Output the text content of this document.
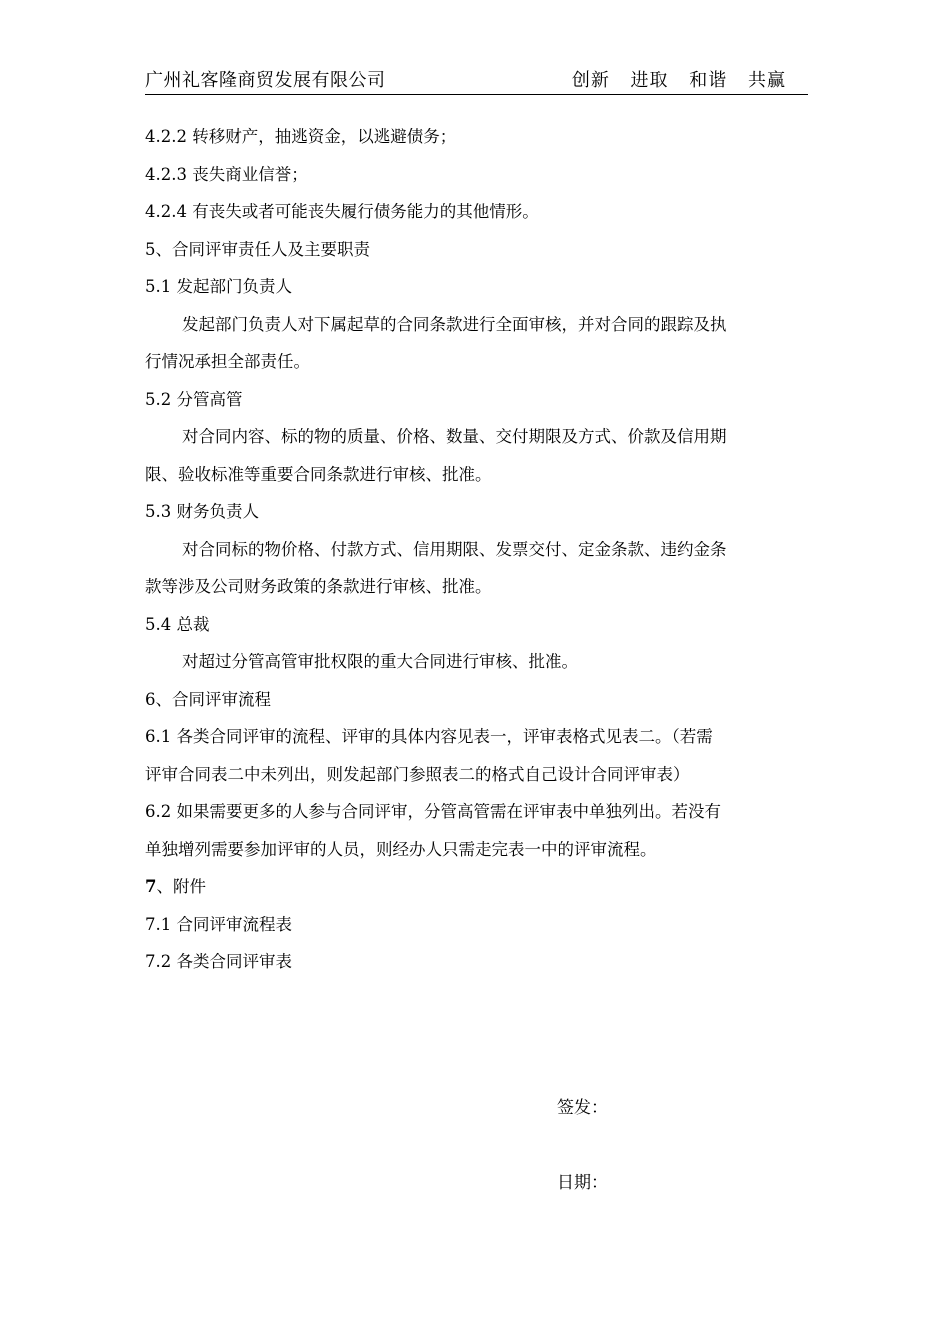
广州礼客隆商贸发展有限公司	创新 进取 和谐 共赢
4.2.2 转移财产，抽逃资金，以逃避债务；
4.2.3 丧失商业信誉；
4.2.4 有丧失或者可能丧失履行债务能力的其他情形。
5、合同评审责任人及主要职责
5.1 发起部门负责人
发起部门负责人对下属起草的合同条款进行全面审核，并对合同的跟踪及执
行情况承担全部责任。
5.2 分管高管
对合同内容、标的物的质量、价格、数量、交付期限及方式、价款及信用期
限、验收标准等重要合同条款进行审核、批准。
5.3 财务负责人
对合同标的物价格、付款方式、信用期限、发票交付、定金条款、违约金条
款等涉及公司财务政策的条款进行审核、批准。
5.4 总裁
对超过分管高管审批权限的重大合同进行审核、批准。
6、合同评审流程
6.1 各类合同评审的流程、评审的具体内容见表一，评审表格式见表二。（若需
评审合同表二中未列出，则发起部门参照表二的格式自己设计合同评审表）
6.2 如果需要更多的人参与合同评审，分管高管需在评审表中单独列出。若没有
单独增列需要参加评审的人员，则经办人只需走完表一中的评审流程。
7、附件
7.1 合同评审流程表
7.2 各类合同评审表
签发：
日期：
